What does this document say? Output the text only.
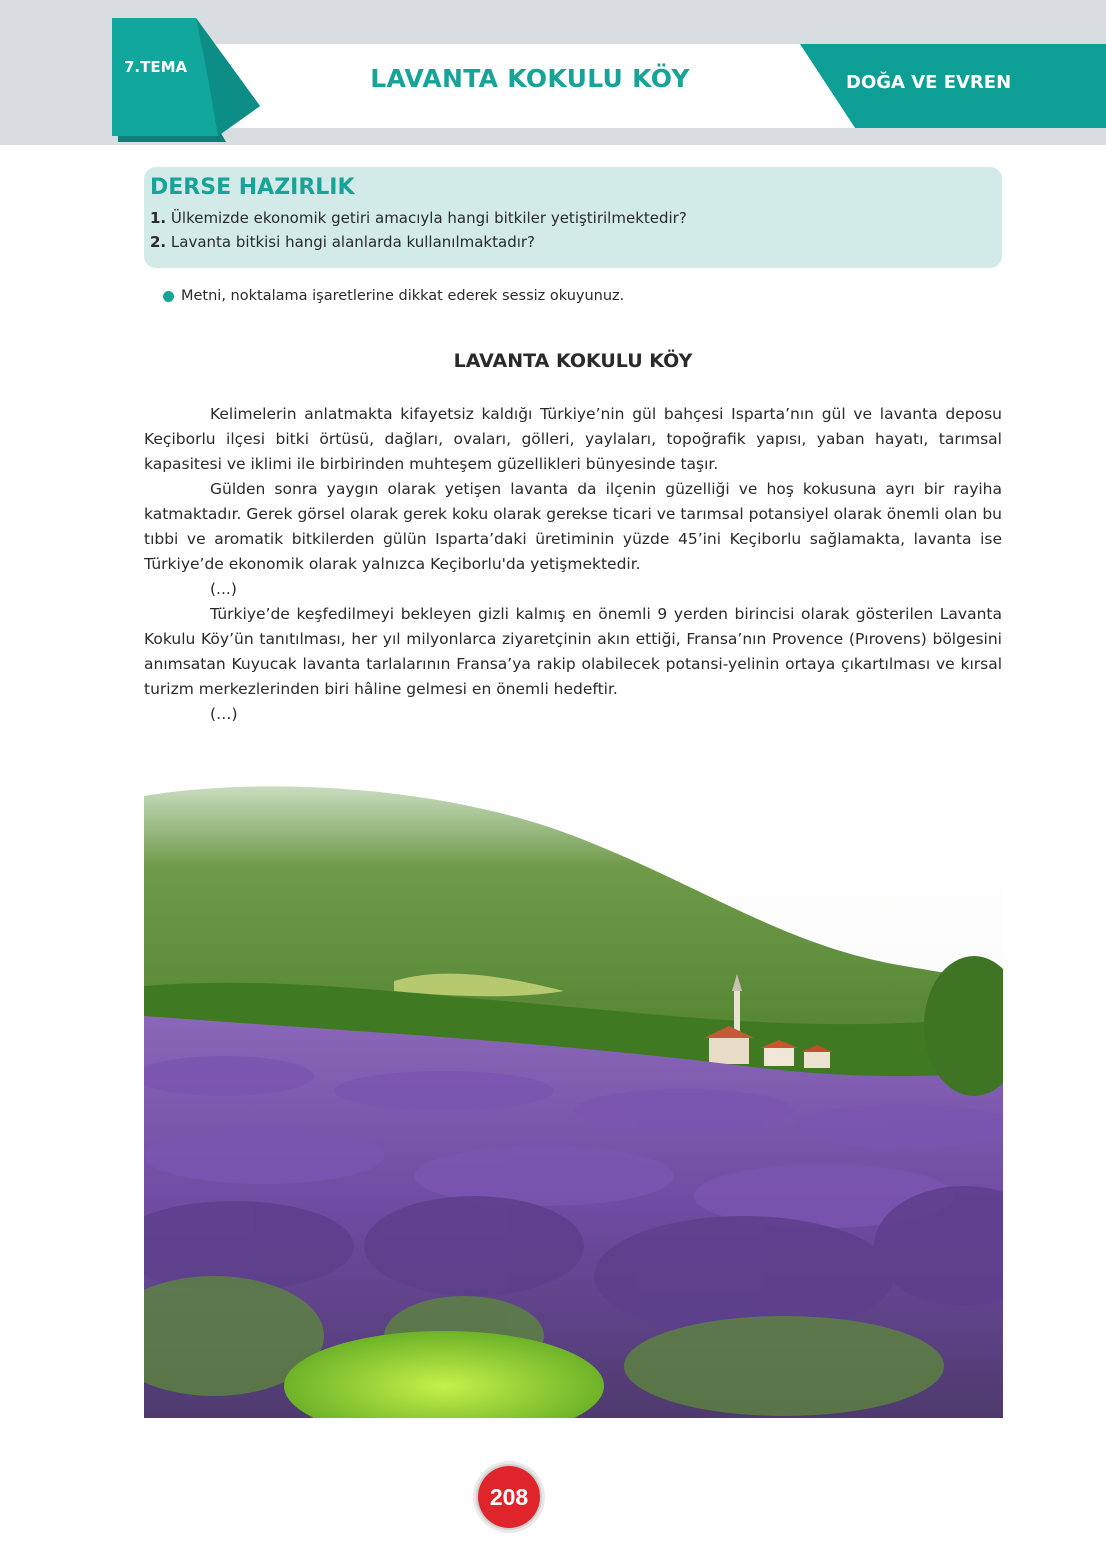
DOĞA VE EVREN
7.TEMA	LAVANTA KOKULU KÖY
DERSE HAZIRLIK
1. Ülkemizde ekonomik getiri amacıyla hangi bitkiler yetiştirilmektedir?
2. Lavanta bitkisi hangi alanlarda kullanılmaktadır?
Metni, noktalama işaretlerine dikkat ederek sessiz okuyunuz.
LAVANTA KOKULU KÖY

Kelimelerin anlatmakta kifayetsiz kaldığı Türkiye’nin gül bahçesi Isparta’nın gül ve lavanta deposu Keçiborlu ilçesi bitki örtüsü, dağları, ovaları, gölleri, yaylaları, topoğrafik yapısı, yaban hayatı, tarımsal kapasitesi ve iklimi ile birbirinden muhteşem güzellikleri bünyesinde taşır.

Gülden sonra yaygın olarak yetişen lavanta da ilçenin güzelliği ve hoş kokusuna ayrı bir rayiha katmaktadır. Gerek görsel olarak gerek koku olarak gerekse ticari ve tarımsal potansiyel olarak önemli olan bu tıbbi ve aromatik bitkilerden gülün Isparta’daki üretiminin yüzde 45’ini Keçiborlu sağlamakta, lavanta ise Türkiye’de ekonomik olarak yalnızca Keçiborlu'da yetişmektedir.

(...)

Türkiye’de keşfedilmeyi bekleyen gizli kalmış en önemli 9 yerden birincisi olarak gösterilen Lavanta Kokulu Köy’ün tanıtılması, her yıl milyonlarca ziyaretçinin akın ettiği, Fransa’nın Provence (Pırovens) bölgesini anımsatan Kuyucak lavanta tarlalarının Fransa’ya rakip olabilecek potansi-yelinin ortaya çıkartılması ve kırsal turizm merkezlerinden biri hâline gelmesi en önemli hedeftir.

(…)

208
